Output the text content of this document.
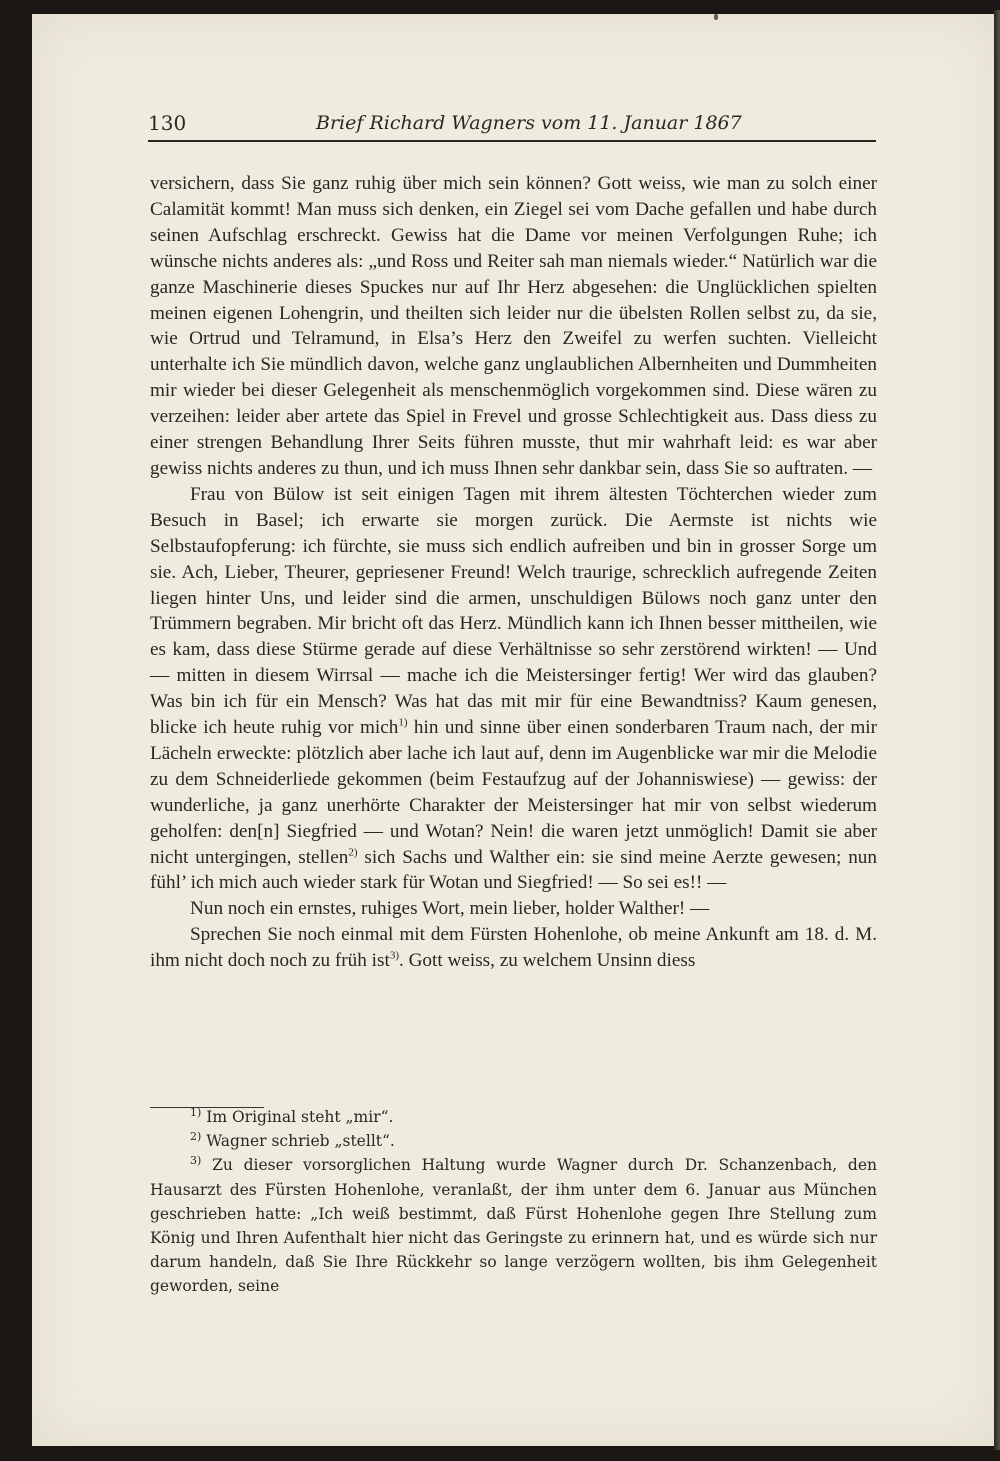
130	Brief Richard Wagners vom 11. Januar 1867

versichern, dass Sie ganz ruhig über mich sein können? Gott weiss, wie man zu solch einer Calamität kommt! Man muss sich denken, ein Ziegel sei vom Dache gefallen und habe durch seinen Aufschlag erschreckt. Gewiss hat die Dame vor meinen Verfolgungen Ruhe; ich wünsche nichts anderes als: „und Ross und Reiter sah man niemals wieder.“ Natürlich war die ganze Maschinerie dieses Spuckes nur auf Ihr Herz abgesehen: die Unglücklichen spielten meinen eigenen Lohengrin, und theilten sich leider nur die übelsten Rollen selbst zu, da sie, wie Ortrud und Telramund, in Elsa’s Herz den Zweifel zu werfen suchten. Vielleicht unterhalte ich Sie mündlich davon, welche ganz unglaublichen Albernheiten und Dummheiten mir wieder bei dieser Gelegenheit als menschenmöglich vorgekommen sind. Diese wären zu verzeihen: leider aber artete das Spiel in Frevel und grosse Schlechtigkeit aus. Dass diess zu einer strengen Behandlung Ihrer Seits führen musste, thut mir wahrhaft leid: es war aber gewiss nichts anderes zu thun, und ich muss Ihnen sehr dankbar sein, dass Sie so auftraten. —

Frau von Bülow ist seit einigen Tagen mit ihrem ältesten Töchterchen wieder zum Besuch in Basel; ich erwarte sie morgen zurück. Die Aermste ist nichts wie Selbstaufopferung: ich fürchte, sie muss sich endlich aufreiben und bin in grosser Sorge um sie. Ach, Lieber, Theurer, gepriesener Freund! Welch traurige, schrecklich aufregende Zeiten liegen hinter Uns, und leider sind die armen, unschuldigen Bülows noch ganz unter den Trümmern begraben. Mir bricht oft das Herz. Mündlich kann ich Ihnen besser mittheilen, wie es kam, dass diese Stürme gerade auf diese Verhältnisse so sehr zerstörend wirkten! — Und — mitten in diesem Wirrsal — mache ich die Meistersinger fertig! Wer wird das glauben? Was bin ich für ein Mensch? Was hat das mit mir für eine Bewandtniss? Kaum genesen, blicke ich heute ruhig vor mich$^{1)}$ hin und sinne über einen sonderbaren Traum nach, der mir Lächeln erweckte: plötzlich aber lache ich laut auf, denn im Augenblicke war mir die Melodie zu dem Schneiderliede gekommen (beim Festaufzug auf der Johanniswiese) — gewiss: der wunderliche, ja ganz unerhörte Charakter der Meistersinger hat mir von selbst wiederum geholfen: den[n] Siegfried — und Wotan? Nein! die waren jetzt unmöglich! Damit sie aber nicht untergingen, stellen$^{2)}$ sich Sachs und Walther ein: sie sind meine Aerzte gewesen; nun fühl’ ich mich auch wieder stark für Wotan und Siegfried! — So sei es!! —

Nun noch ein ernstes, ruhiges Wort, mein lieber, holder Walther! —

Sprechen Sie noch einmal mit dem Fürsten Hohenlohe, ob meine Ankunft am 18. d. M. ihm nicht doch noch zu früh ist$^{3)}$. Gott weiss, zu welchem Unsinn diess

$^{1)}$ Im Original steht „mir“.

$^{2)}$ Wagner schrieb „stellt“.

$^{3)}$ Zu dieser vorsorglichen Haltung wurde Wagner durch Dr. Schanzenbach, den Hausarzt des Fürsten Hohenlohe, veranlaßt, der ihm unter dem 6. Januar aus München geschrieben hatte: „Ich weiß bestimmt, daß Fürst Hohenlohe gegen Ihre Stellung zum König und Ihren Aufenthalt hier nicht das Geringste zu erinnern hat, und es würde sich nur darum handeln, daß Sie Ihre Rückkehr so lange verzögern wollten, bis ihm Gelegenheit geworden, seine
